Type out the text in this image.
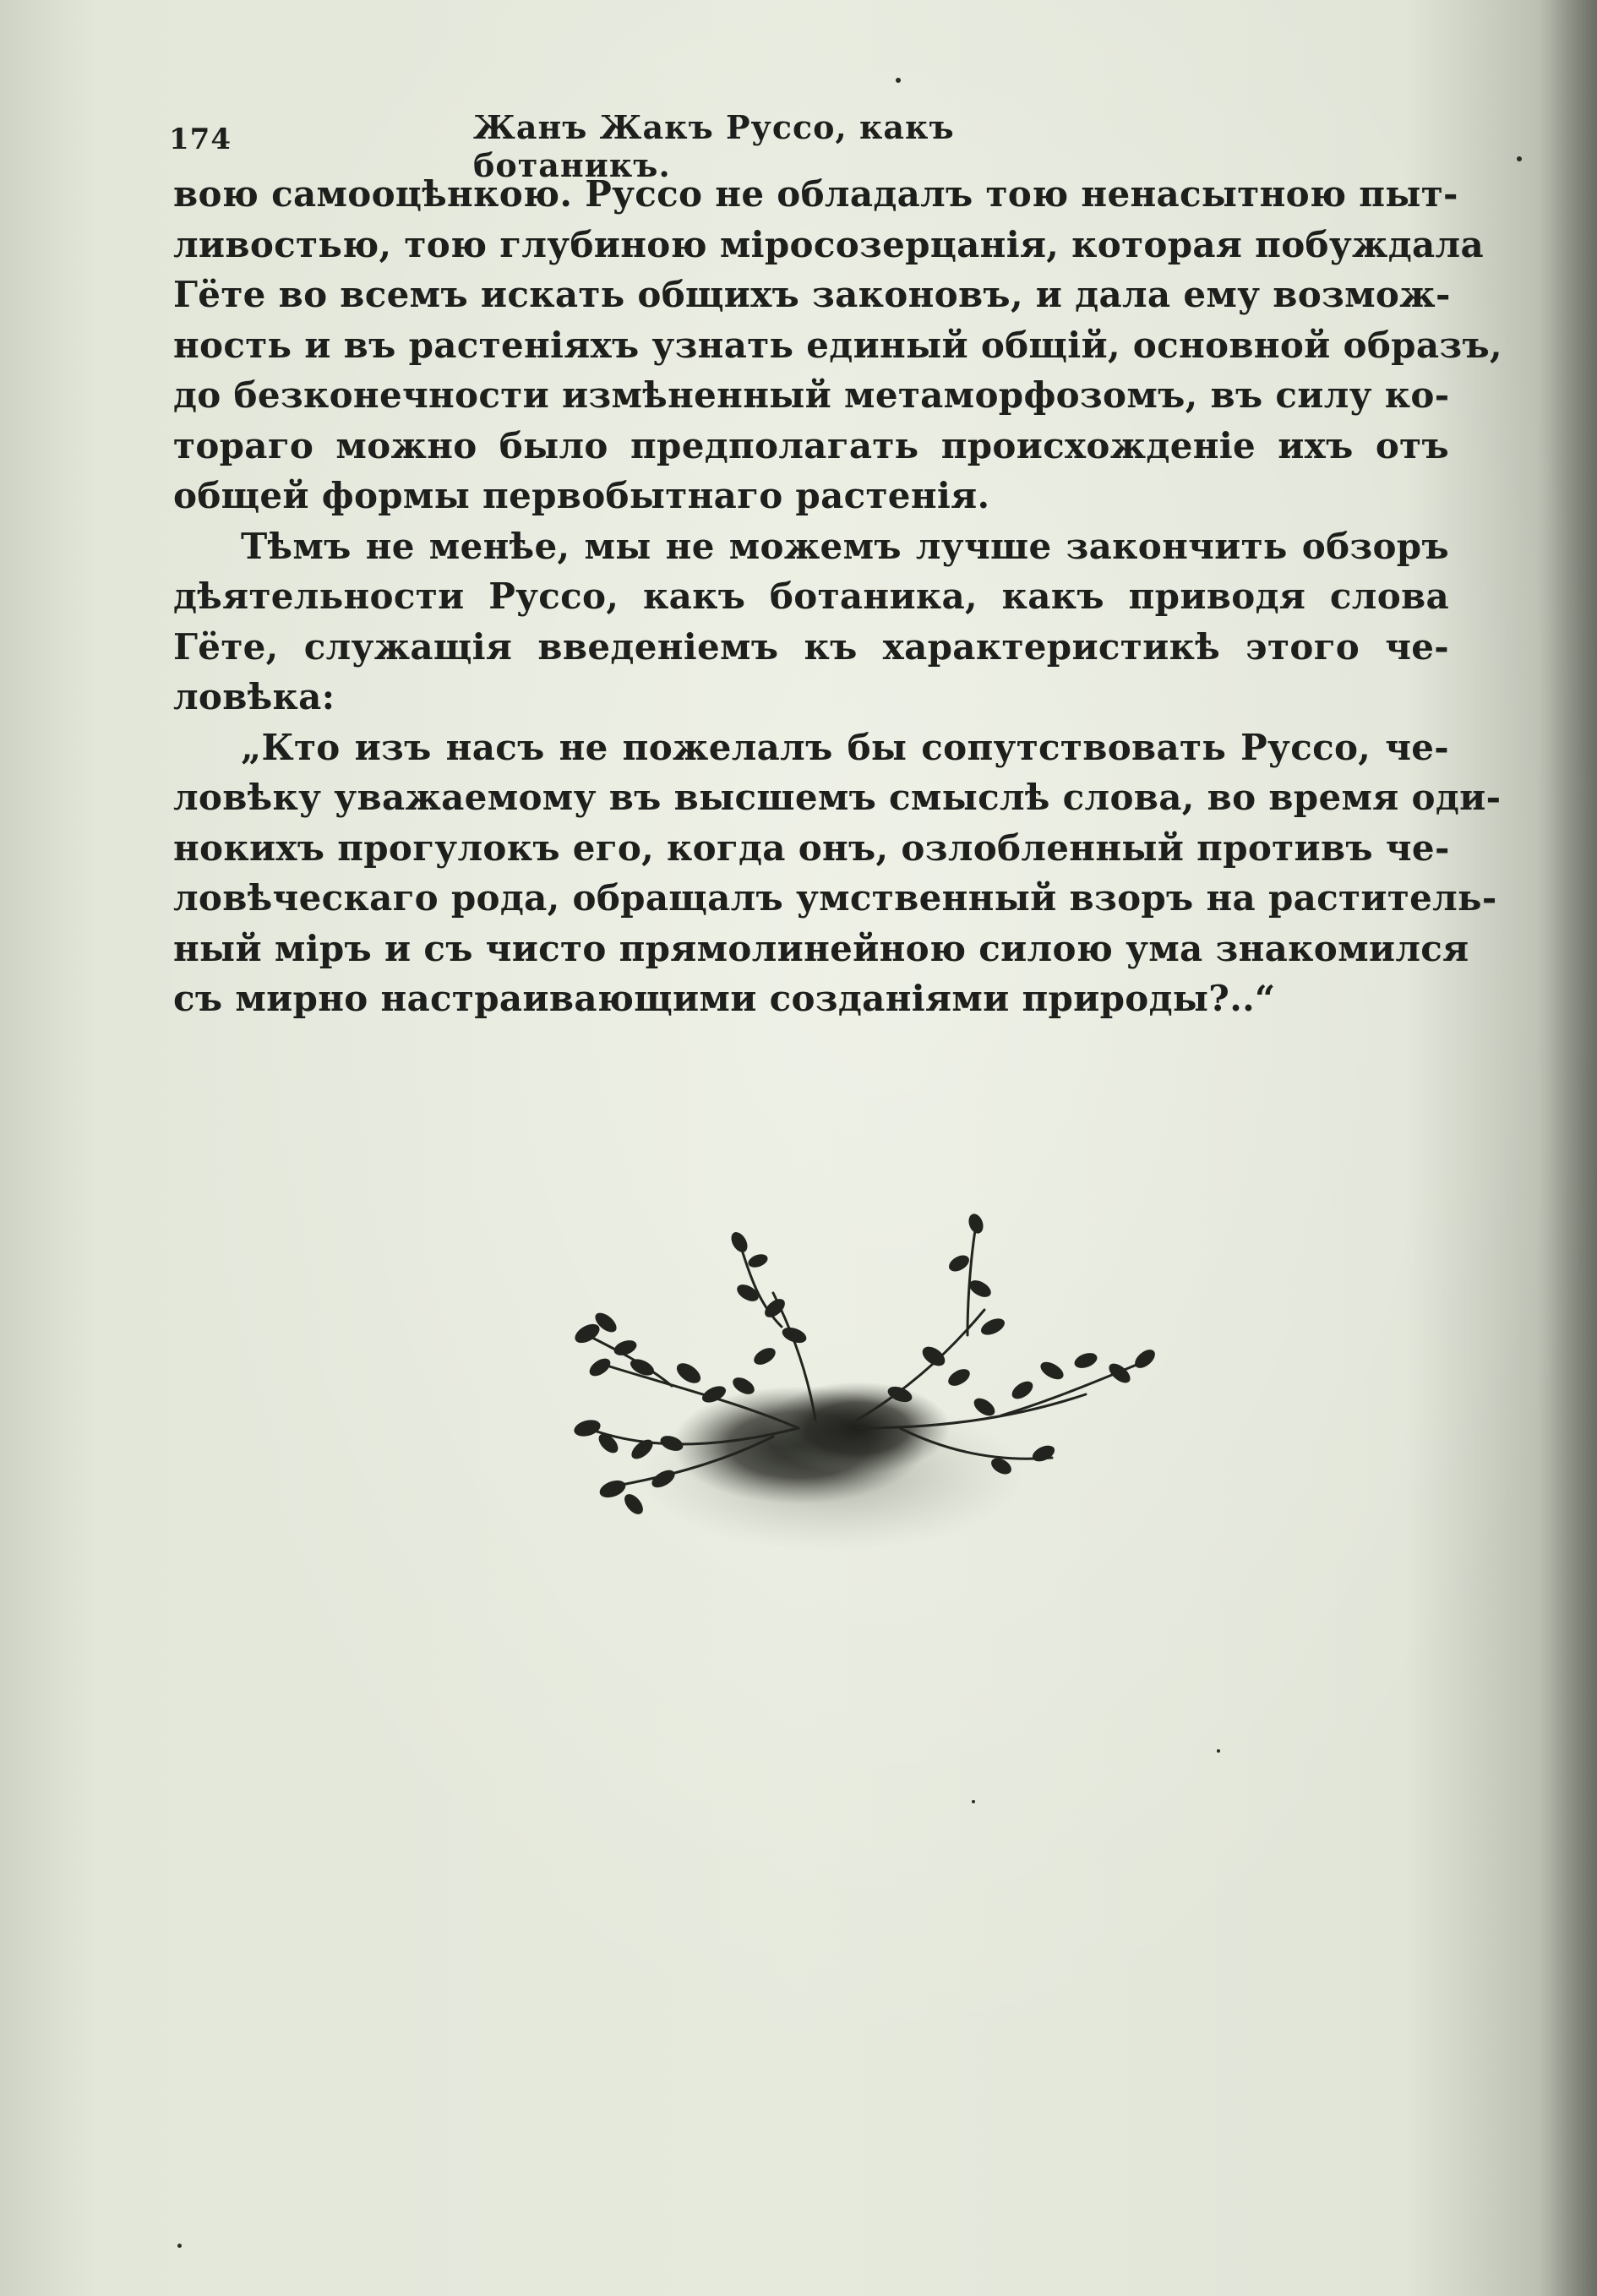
174	Жанъ Жакъ Руссо, какъ ботаникъ.
вою самооцѣнкою. Руссо не обладалъ тою ненасытною пыт-
ливостью, тою глубиною міросозерцанія, которая побуждала
Гёте во всемъ искать общихъ законовъ, и дала ему возмож-
ность и въ растеніяхъ узнать единый общій, основной образъ,
до безконечности измѣненный метаморфозомъ, въ силу ко-
тораго можно было предполагать происхожденіе ихъ отъ
общей формы первобытнаго растенія.
Тѣмъ не менѣе, мы не можемъ лучше закончить обзоръ
дѣятельности Руссо, какъ ботаника, какъ приводя слова
Гёте, служащія введеніемъ къ характеристикѣ этого че-
ловѣка:
„Кто изъ насъ не пожелалъ бы сопутствовать Руссо, че-
ловѣку уважаемому въ высшемъ смыслѣ слова, во время оди-
нокихъ прогулокъ его, когда онъ, озлобленный противъ че-
ловѣческаго рода, обращалъ умственный взоръ на раститель-
ный міръ и съ чисто прямолинейною силою ума знакомился
съ мирно настраивающими созданіями природы?..“
